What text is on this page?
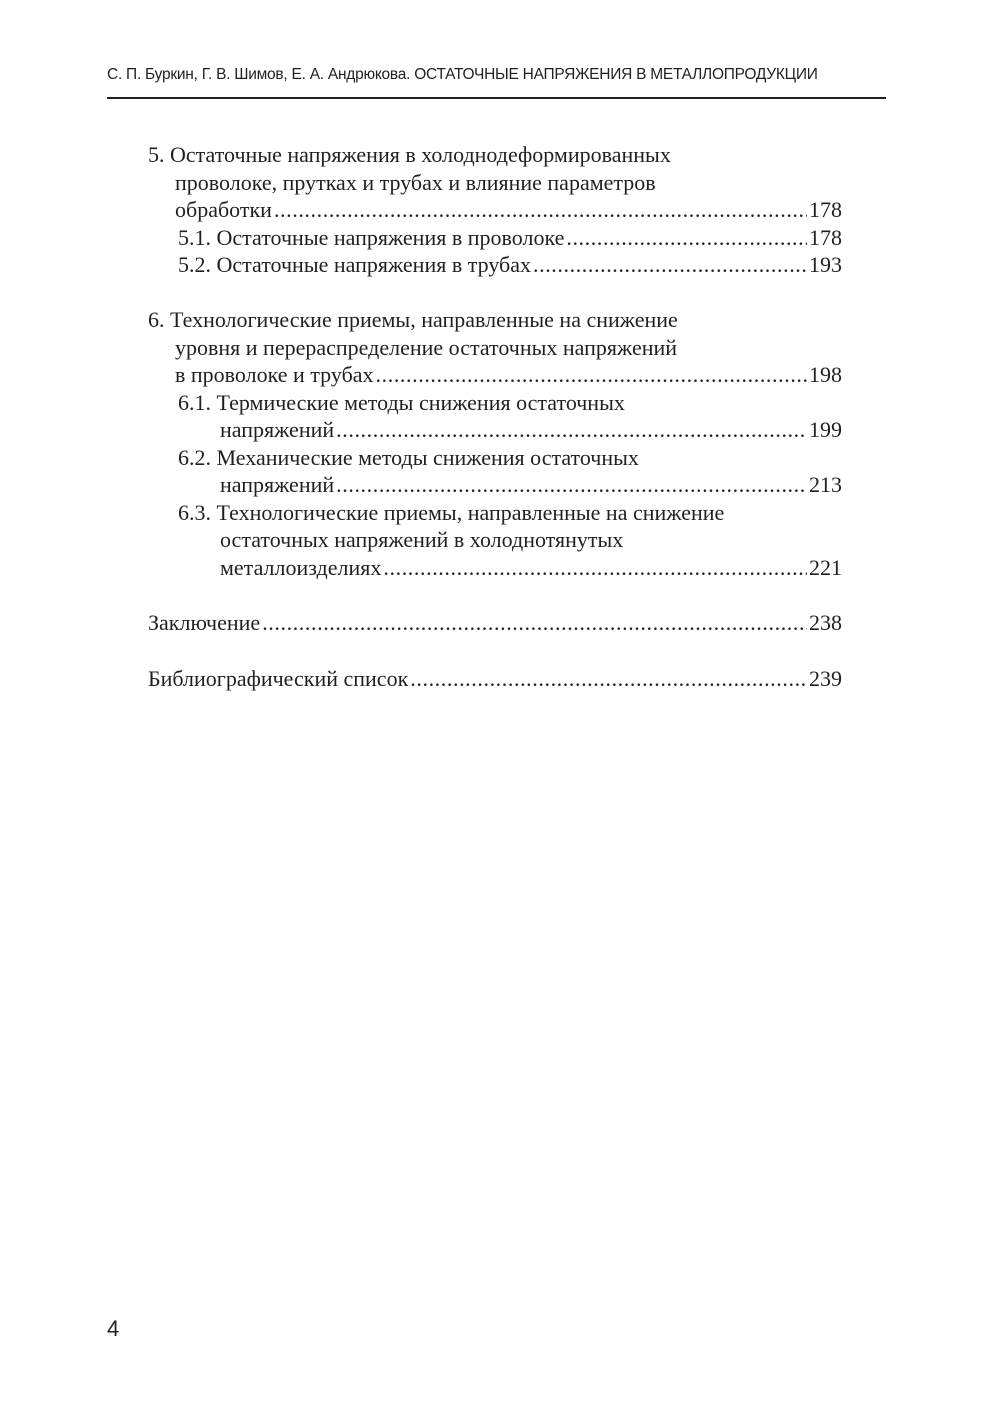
С. П. Буркин, Г. В. Шимов, Е. А. Андрюкова. ОСТАТОЧНЫЕ НАПРЯЖЕНИЯ В МЕТАЛЛОПРОДУКЦИИ
5. Остаточные напряжения в холоднодеформированных
проволоке, прутках и трубах и влияние параметров
обработки .....	178
5.1. Остаточные напряжения в проволоке .....	178
5.2. Остаточные напряжения в трубах .....	193
6. Технологические приемы, направленные на снижение
уровня и перераспределение остаточных напряжений
в проволоке и трубах .....	198
6.1. Термические методы снижения остаточных
напряжений .....	199
6.2. Механические методы снижения остаточных
напряжений .....	213
6.3. Технологические приемы, направленные на снижение
остаточных напряжений в холоднотянутых
металлоизделиях .....	221
Заключение .....	238
Библиографический список .....	239
4
